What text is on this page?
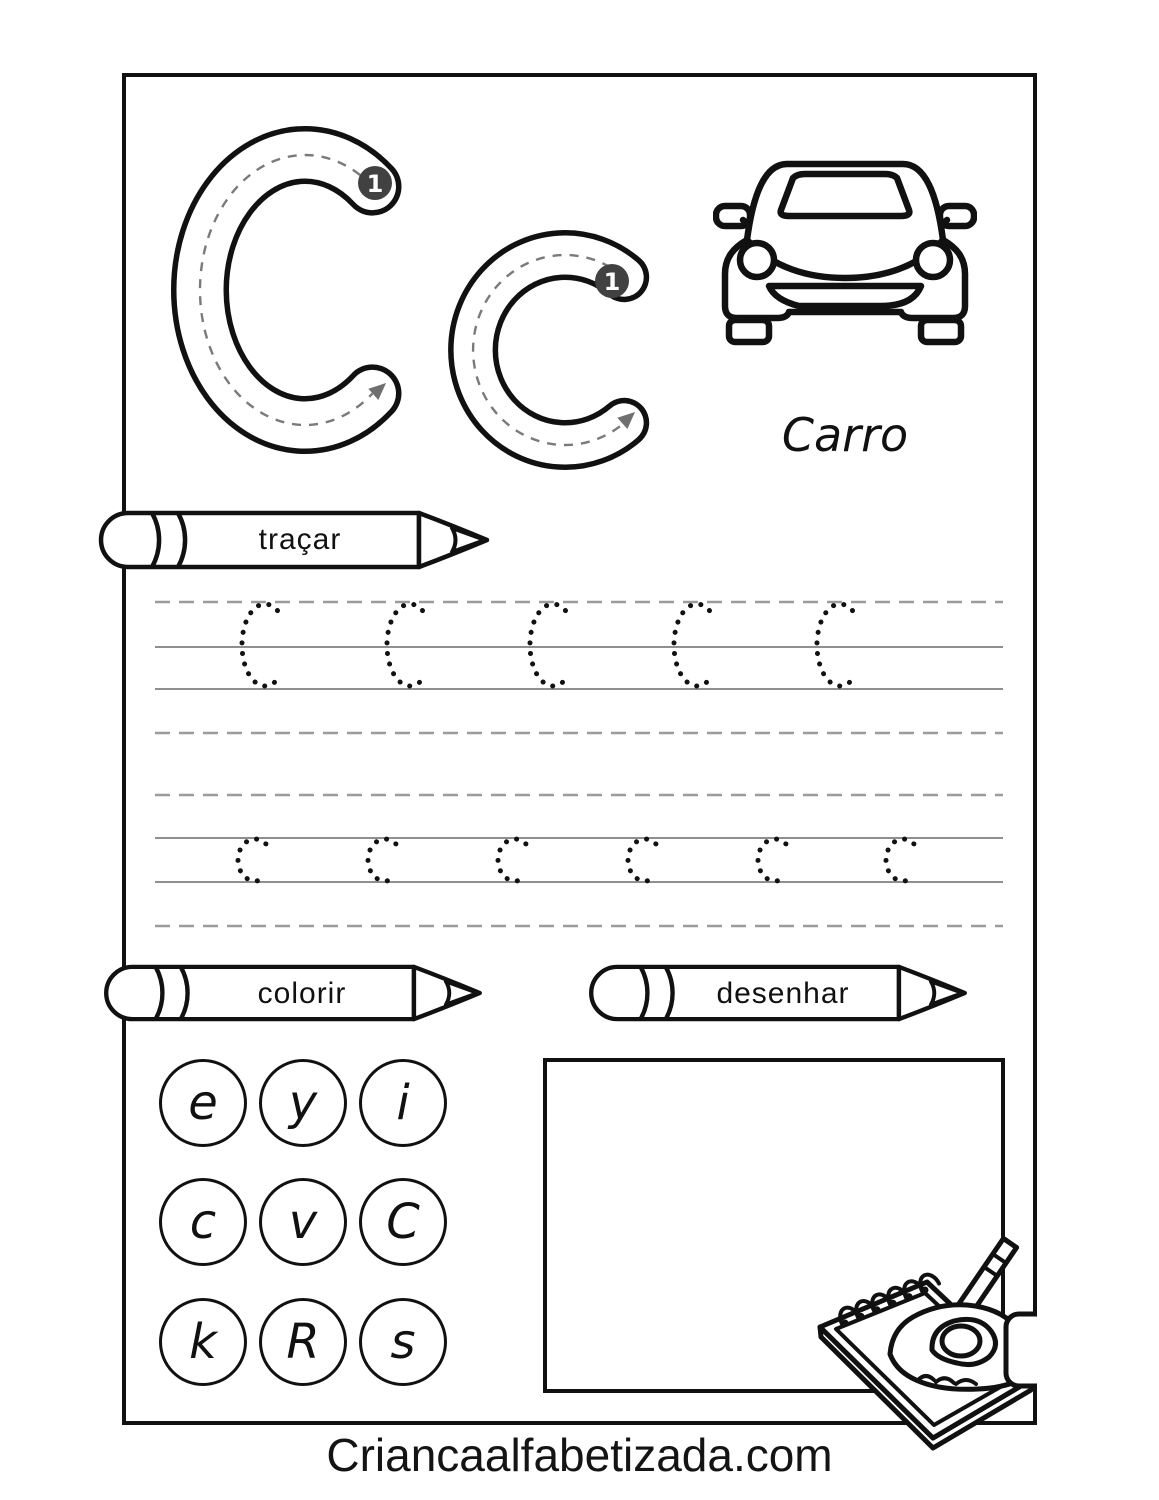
1
1
Carro
traçar
colorir	desenhar
e y i
c v C
k R s
Criancaalfabetizada.com
